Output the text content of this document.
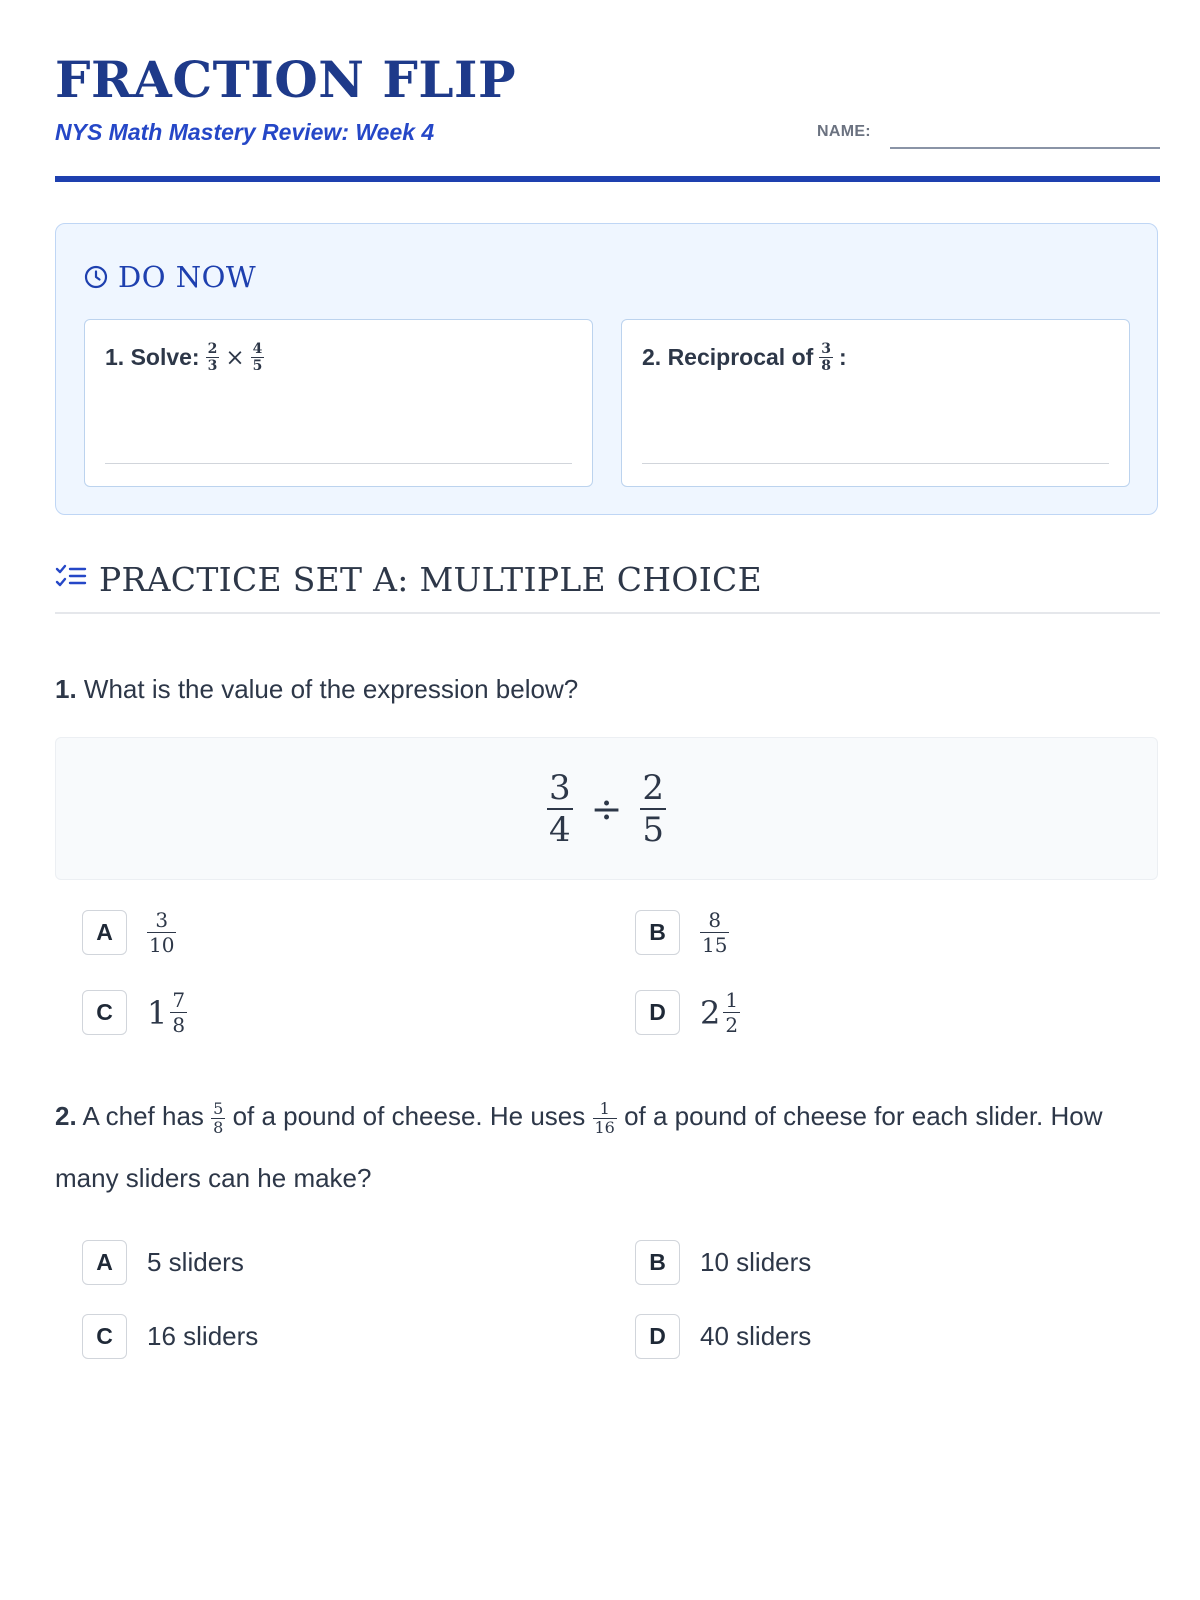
FRACTION FLIP
NYS Math Mastery Review: Week 4	NAME:
DO NOW
1. Solve: $\frac{2}{3} \times \frac{4}{5}$	2. Reciprocal of $\frac{3}{8}$ :
PRACTICE SET A: MULTIPLE CHOICE
1. What is the value of the expression below?
$\frac{3}{4} \div \frac{2}{5}$
A	$\frac{3}{10}$	B	$\frac{8}{15}$
C	$1 \frac{7}{8}$	D	$2 \frac{1}{2}$
2. A chef has $\frac{5}{8}$ of a pound of cheese. He uses $\frac{1}{16}$ of a pound of cheese for each slider. How many sliders can he make?
A	5 sliders	B	10 sliders
C	16 sliders	D	40 sliders
